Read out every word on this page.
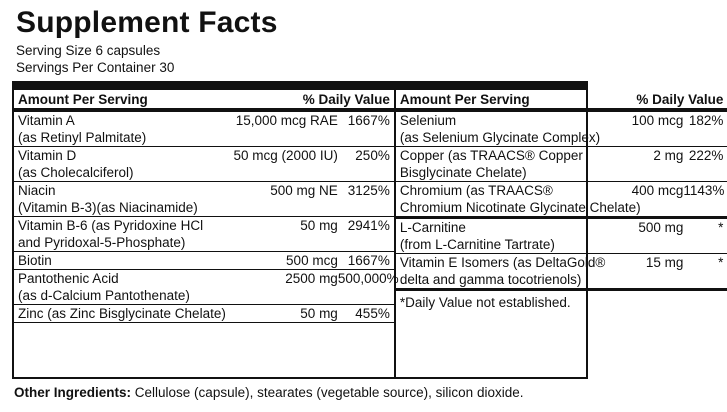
Supplement Facts
Serving Size 6 capsules
Servings Per Container 30
Amount Per Serving	% Daily Value
Vitamin A	15,000 mcg RAE 1667%
(as Retinyl Palmitate)
Vitamin D	50 mcg (2000 IU)	250%
(as Cholecalciferol)
Niacin	500 mg NE 3125%
(Vitamin B-3)(as Niacinamide)
Vitamin B-6 (as Pyridoxine HCl	50 mg 2941%
and Pyridoxal-5-Phosphate)
Biotin	500 mcg 1667%
Pantothenic Acid	2500 mg 500,000%
(as d-Calcium Pantothenate)
Zinc (as Zinc Bisglycinate Chelate)	50 mg	455%
Amount Per Serving	% Daily Value
Selenium	100 mcg 182%
(as Selenium Glycinate Complex)
Copper (as TRAACS® Copper	2 mg 222%
Bisglycinate Chelate)
Chromium (as TRAACS®	400 mcg 1143%
Chromium Nicotinate Glycinate Chelate)
L-Carnitine	500 mg	*
(from L-Carnitine Tartrate)
Vitamin E Isomers (as DeltaGold®	15 mg	*
delta and gamma tocotrienols)
*Daily Value not established.
Other Ingredients: Cellulose (capsule), stearates (vegetable source), silicon dioxide.
